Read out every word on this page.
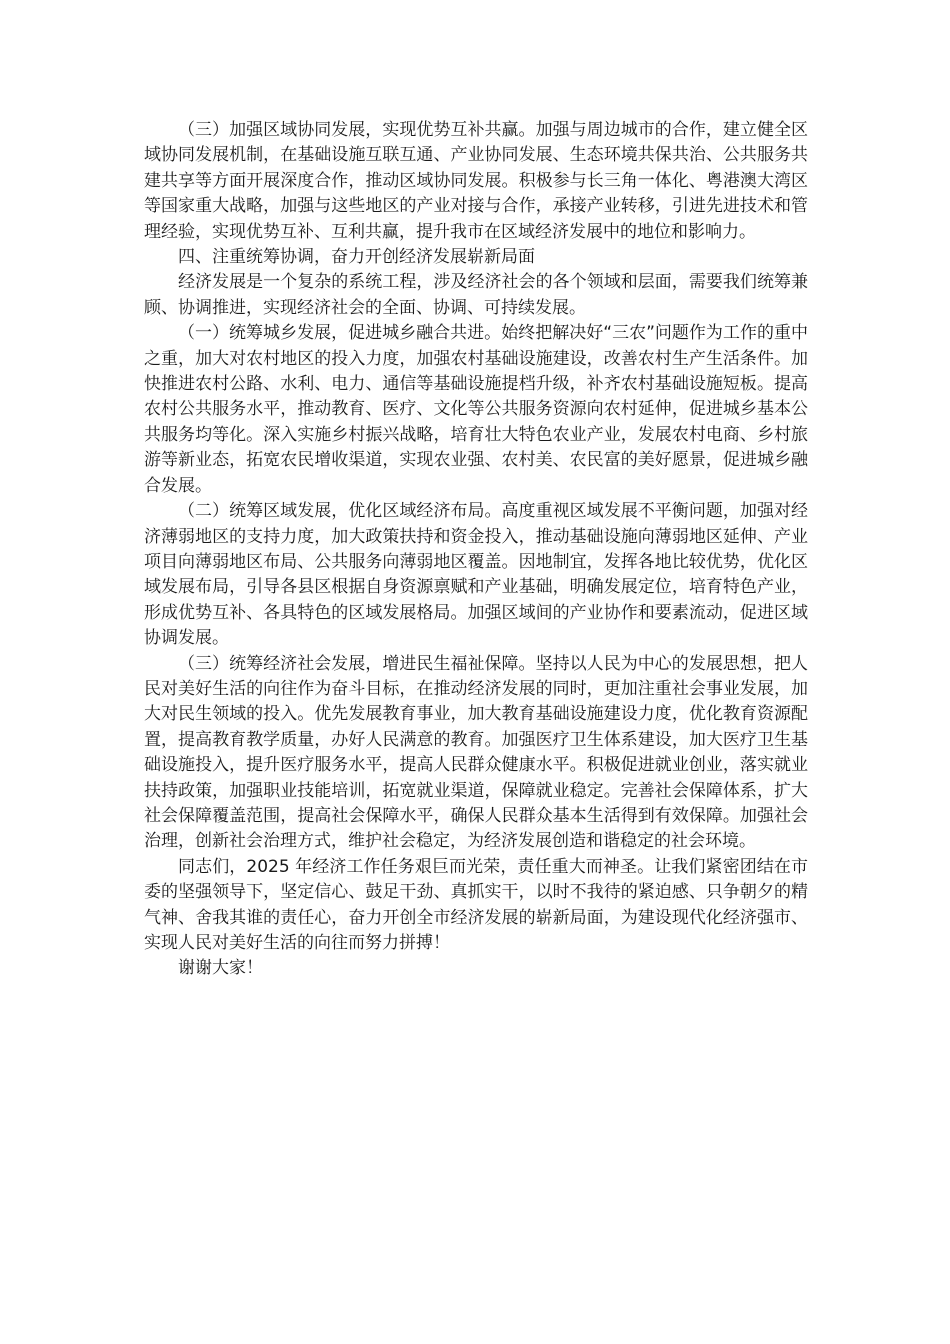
（三）加强区域协同发展，实现优势互补共赢。加强与周边城市的合作，建立健全区域协同发展机制，在基础设施互联互通、产业协同发展、生态环境共保共治、公共服务共建共享等方面开展深度合作，推动区域协同发展。积极参与长三角一体化、粤港澳大湾区等国家重大战略，加强与这些地区的产业对接与合作，承接产业转移，引进先进技术和管理经验，实现优势互补、互利共赢，提升我市在区域经济发展中的地位和影响力。

四、注重统筹协调，奋力开创经济发展崭新局面

经济发展是一个复杂的系统工程，涉及经济社会的各个领域和层面，需要我们统筹兼顾、协调推进，实现经济社会的全面、协调、可持续发展。

（一）统筹城乡发展，促进城乡融合共进。始终把解决好“三农”问题作为工作的重中之重，加大对农村地区的投入力度，加强农村基础设施建设，改善农村生产生活条件。加快推进农村公路、水利、电力、通信等基础设施提档升级，补齐农村基础设施短板。提高农村公共服务水平，推动教育、医疗、文化等公共服务资源向农村延伸，促进城乡基本公共服务均等化。深入实施乡村振兴战略，培育壮大特色农业产业，发展农村电商、乡村旅游等新业态，拓宽农民增收渠道，实现农业强、农村美、农民富的美好愿景，促进城乡融合发展。

（二）统筹区域发展，优化区域经济布局。高度重视区域发展不平衡问题，加强对经济薄弱地区的支持力度，加大政策扶持和资金投入，推动基础设施向薄弱地区延伸、产业项目向薄弱地区布局、公共服务向薄弱地区覆盖。因地制宜，发挥各地比较优势，优化区域发展布局，引导各县区根据自身资源禀赋和产业基础，明确发展定位，培育特色产业，形成优势互补、各具特色的区域发展格局。加强区域间的产业协作和要素流动，促进区域协调发展。

（三）统筹经济社会发展，增进民生福祉保障。坚持以人民为中心的发展思想，把人民对美好生活的向往作为奋斗目标，在推动经济发展的同时，更加注重社会事业发展，加大对民生领域的投入。优先发展教育事业，加大教育基础设施建设力度，优化教育资源配置，提高教育教学质量，办好人民满意的教育。加强医疗卫生体系建设，加大医疗卫生基础设施投入，提升医疗服务水平，提高人民群众健康水平。积极促进就业创业，落实就业扶持政策，加强职业技能培训，拓宽就业渠道，保障就业稳定。完善社会保障体系，扩大社会保障覆盖范围，提高社会保障水平，确保人民群众基本生活得到有效保障。加强社会治理，创新社会治理方式，维护社会稳定，为经济发展创造和谐稳定的社会环境。

同志们，2025 年经济工作任务艰巨而光荣，责任重大而神圣。让我们紧密团结在市委的坚强领导下，坚定信心、鼓足干劲、真抓实干，以时不我待的紧迫感、只争朝夕的精气神、舍我其谁的责任心，奋力开创全市经济发展的崭新局面，为建设现代化经济强市、实现人民对美好生活的向往而努力拼搏！

谢谢大家！
